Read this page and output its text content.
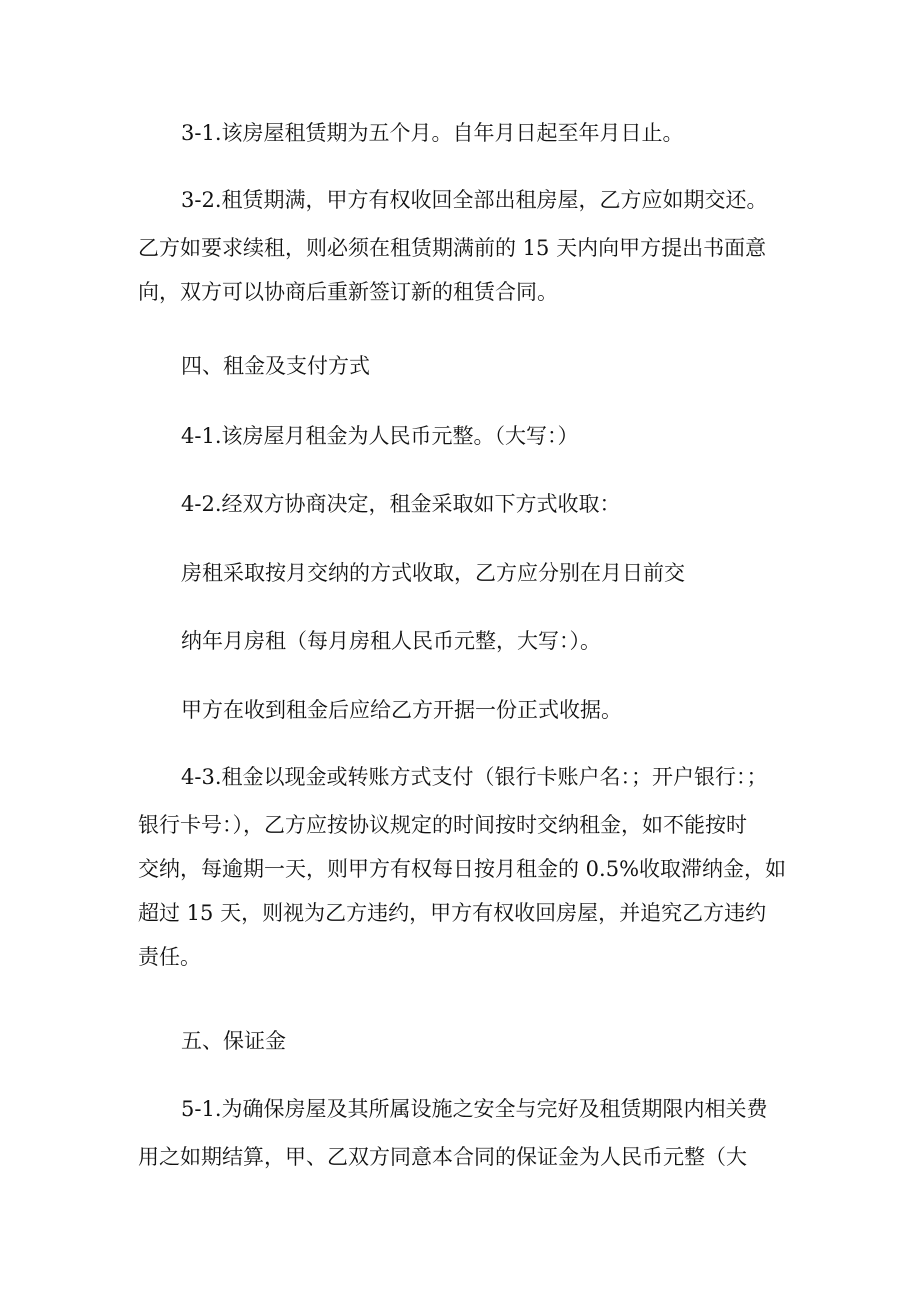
3-1.该房屋租赁期为五个月。自年月日起至年月日止。

3-2.租赁期满，甲方有权收回全部出租房屋，乙方应如期交还。
乙方如要求续租，则必须在租赁期满前的 15 天内向甲方提出书面意
向，双方可以协商后重新签订新的租赁合同。

四、租金及支付方式

4-1.该房屋月租金为人民币元整。（大写：）

4-2.经双方协商决定，租金采取如下方式收取：

房租采取按月交纳的方式收取，乙方应分别在月日前交

纳年月房租（每月房租人民币元整，大写：）。

甲方在收到租金后应给乙方开据一份正式收据。

4-3.租金以现金或转账方式支付（银行卡账户名：；开户银行：；
银行卡号：），乙方应按协议规定的时间按时交纳租金，如不能按时
交纳，每逾期一天，则甲方有权每日按月租金的 0.5%收取滞纳金，如
超过 15 天，则视为乙方违约，甲方有权收回房屋，并追究乙方违约
责任。

五、保证金

5-1.为确保房屋及其所属设施之安全与完好及租赁期限内相关费
用之如期结算，甲、乙双方同意本合同的保证金为人民币元整（大
